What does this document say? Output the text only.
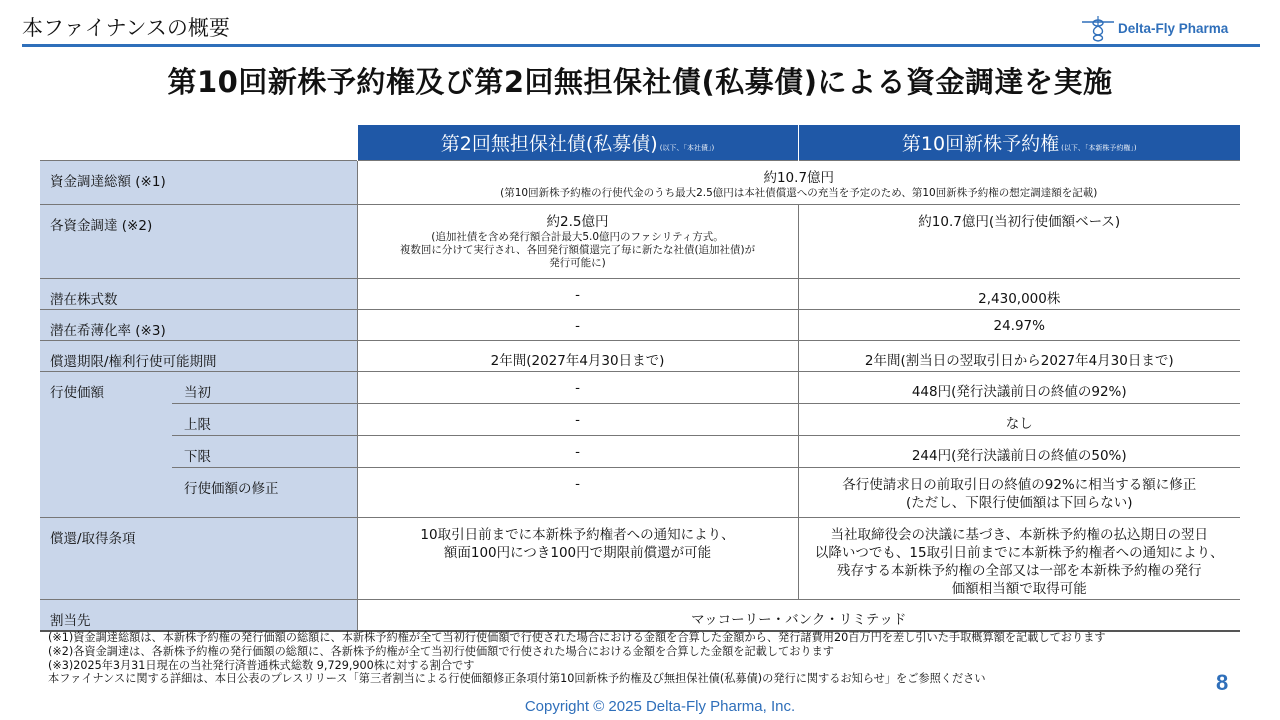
本ファイナンスの概要	Delta-Fly Pharma
第10回新株予約権及び第2回無担保社債(私募債)による資金調達を実施
		第2回無担保社債(私募債) (以下、「本社債」)	第10回新株予約権 (以下、「本新株予約権」)
資金調達総額 (※1)		約10.7億円
(第10回新株予約権の行使代金のうち最大2.5億円は本社債償還への充当を予定のため、第10回新株予約権の想定調達額を記載)	

各資金調達 (※2)		約2.5億円
(追加社債を含め発行額合計最大5.0億円のファシリティ方式。
複数回に分けて実行され、各回発行額償還完了毎に新たな社債(追加社債)が
発行可能に)	約10.7億円(当初行使価額ベース)

潜在株式数		-	2,430,000株
潜在希薄化率 (※3)		-	24.97%
償還期限/権利行使可能期間		2年間(2027年4月30日まで)	2年間(割当日の翌取引日から2027年4月30日まで)
行使価額	当初	-	448円(発行決議前日の終値の92%)
	上限	-	なし
	下限	-	244円(発行決議前日の終値の50%)
	行使価額の修正	-	各行使請求日の前取引日の終値の92%に相当する額に修正
(ただし、下限行使価額は下回らない)

償還/取得条項		10取引日前までに本新株予約権者への通知により、
額面100円につき100円で期限前償還が可能	当社取締役会の決議に基づき、本新株予約権の払込期日の翌日
以降いつでも、15取引日前までに本新株予約権者への通知により、
残存する本新株予約権の全部又は一部を本新株予約権の発行
価額相当額で取得可能

割当先		マッコーリー・バンク・リミテッド	
(※1)資金調達総額は、本新株予約権の発行価額の総額に、本新株予約権が全て当初行使価額で行使された場合における金額を合算した金額から、発行諸費用20百万円を差し引いた手取概算額を記載しております
(※2)各資金調達は、各新株予約権の発行価額の総額に、各新株予約権が全て当初行使価額で行使された場合における金額を合算した金額を記載しております
(※3)2025年3月31日現在の当社発行済普通株式総数 9,729,900株に対する割合です
本ファイナンスに関する詳細は、本日公表のプレスリリース「第三者割当による行使価額修正条項付第10回新株予約権及び無担保社債(私募債)の発行に関するお知らせ」をご参照ください	8
Copyright © 2025 Delta-Fly Pharma, Inc.
